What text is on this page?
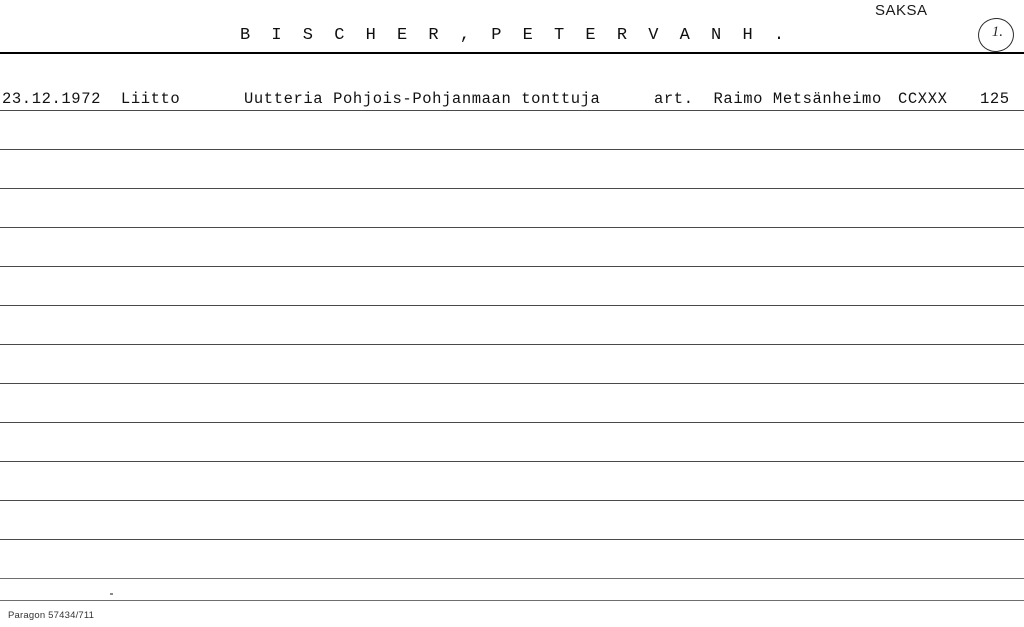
SAKSA
B I S C H E R , P E T E R V A N H .	1.
23.12.1972 Liitto	Uutteria Pohjois-Pohjanmaan tonttuja	art. Raimo Metsänheimo CCXXX 125
Paragon 57434/711
